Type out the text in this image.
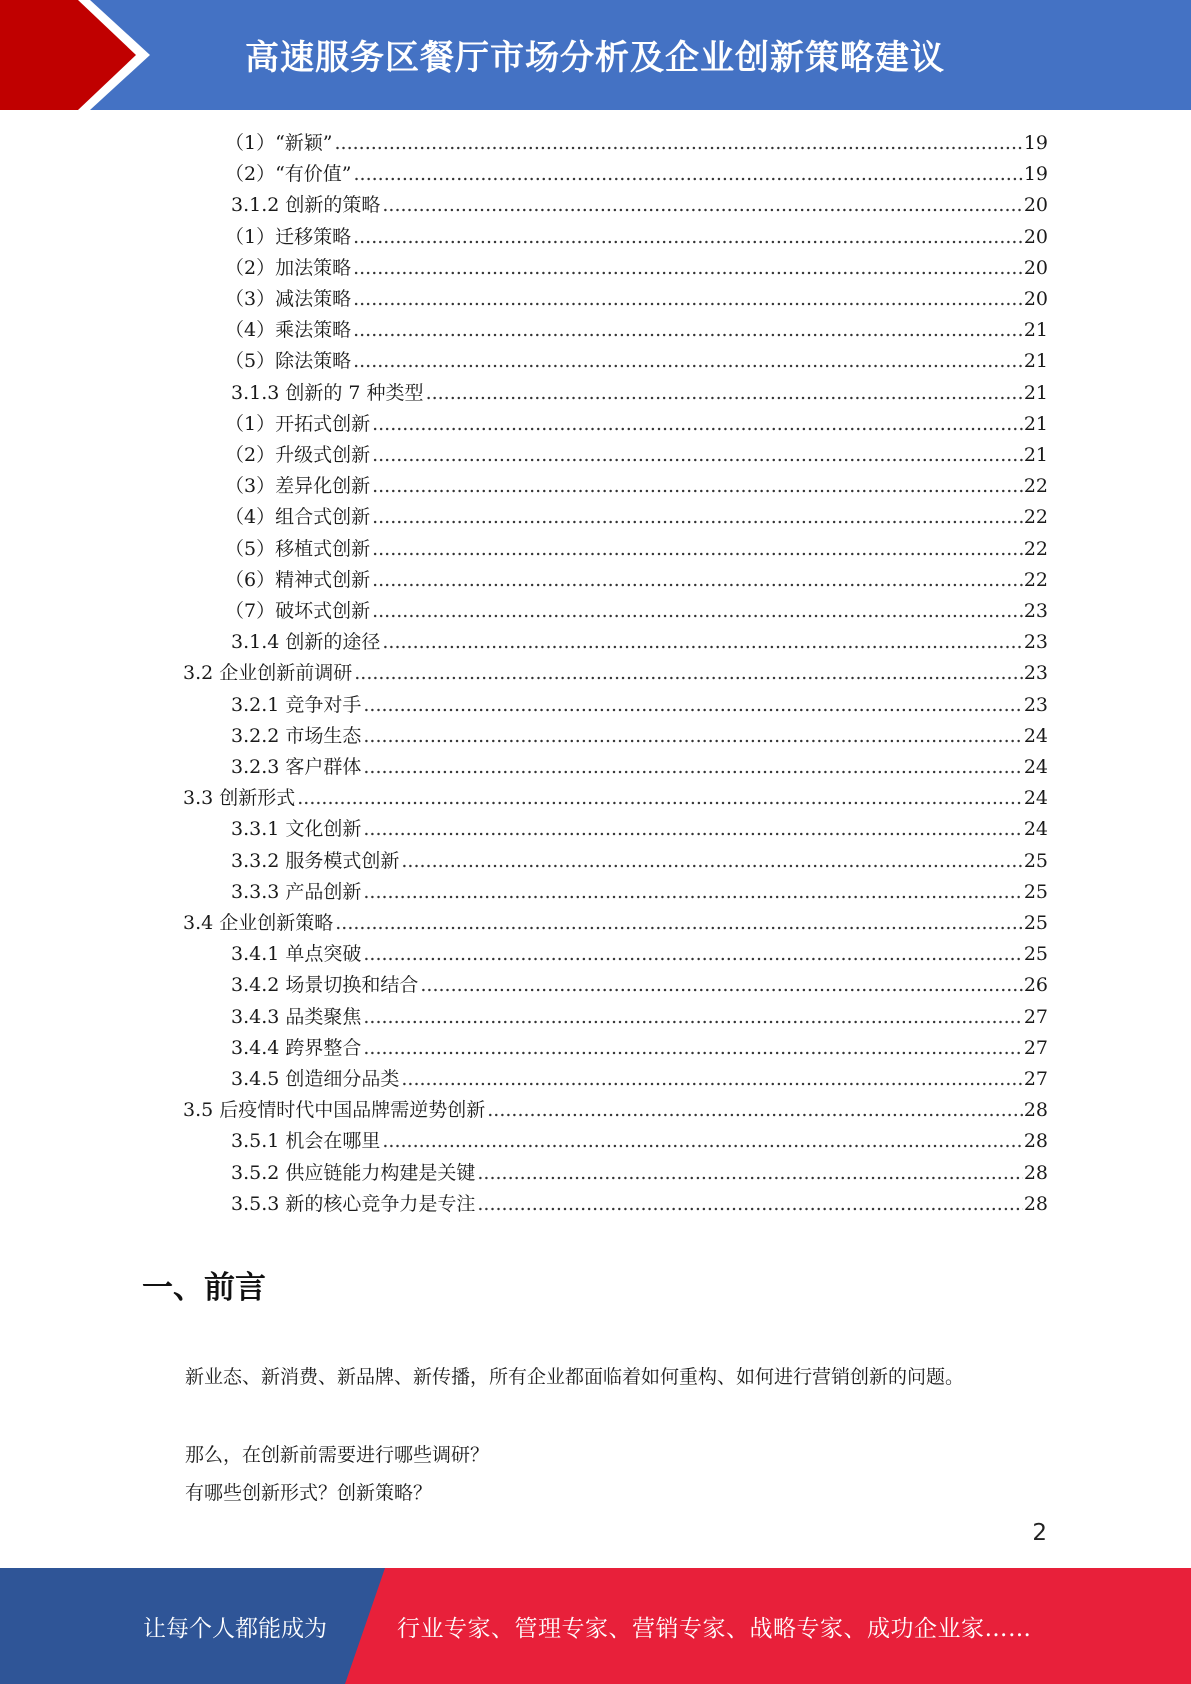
高速服务区餐厅市场分析及企业创新策略建议
（1）“新颖” .....	19
（2）“有价值” .....	19
3.1.2 创新的策略 .....	20
（1）迁移策略 .....	20
（2）加法策略 .....	20
（3）减法策略 .....	20
（4）乘法策略 .....	21
（5）除法策略 .....	21
3.1.3 创新的 7 种类型 .....	21
（1）开拓式创新 .....	21
（2）升级式创新 .....	21
（3）差异化创新 .....	22
（4）组合式创新 .....	22
（5）移植式创新 .....	22
（6）精神式创新 .....	22
（7）破坏式创新 .....	23
3.1.4 创新的途径 .....	23
3.2 企业创新前调研 .....	23
3.2.1 竞争对手 .....	23
3.2.2 市场生态 .....	24
3.2.3 客户群体 .....	24
3.3 创新形式 .....	24
3.3.1 文化创新 .....	24
3.3.2 服务模式创新 .....	25
3.3.3 产品创新 .....	25
3.4 企业创新策略 .....	25
3.4.1 单点突破 .....	25
3.4.2 场景切换和结合 .....	26
3.4.3 品类聚焦 .....	27
3.4.4 跨界整合 .....	27
3.4.5 创造细分品类 .....	27
3.5 后疫情时代中国品牌需逆势创新 .....	28
3.5.1 机会在哪里 .....	28
3.5.2 供应链能力构建是关键 .....	28
3.5.3 新的核心竞争力是专注 .....	28
一、前言
新业态、新消费、新品牌、新传播，所有企业都面临着如何重构、如何进行营销创新的问题。
那么，在创新前需要进行哪些调研？
有哪些创新形式？创新策略？
2
让每个人都能成为	行业专家、管理专家、营销专家、战略专家、成功企业家……
